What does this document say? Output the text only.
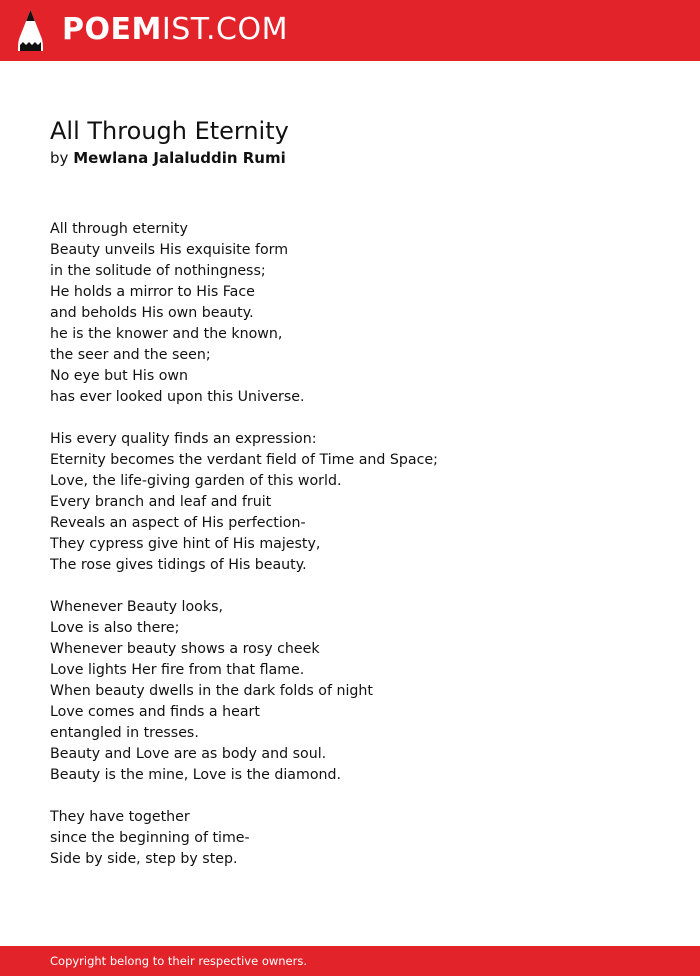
POEM IST.COM
All Through Eternity
by Mewlana Jalaluddin Rumi
All through eternity
Beauty unveils His exquisite form
in the solitude of nothingness;
He holds a mirror to His Face
and beholds His own beauty.
he is the knower and the known,
the seer and the seen;
No eye but His own
has ever looked upon this Universe.
His every quality finds an expression:
Eternity becomes the verdant field of Time and Space;
Love, the life-giving garden of this world.
Every branch and leaf and fruit
Reveals an aspect of His perfection-
They cypress give hint of His majesty,
The rose gives tidings of His beauty.
Whenever Beauty looks,
Love is also there;
Whenever beauty shows a rosy cheek
Love lights Her fire from that flame.
When beauty dwells in the dark folds of night
Love comes and finds a heart
entangled in tresses.
Beauty and Love are as body and soul.
Beauty is the mine, Love is the diamond.
They have together
since the beginning of time-
Side by side, step by step.
Copyright belong to their respective owners.
